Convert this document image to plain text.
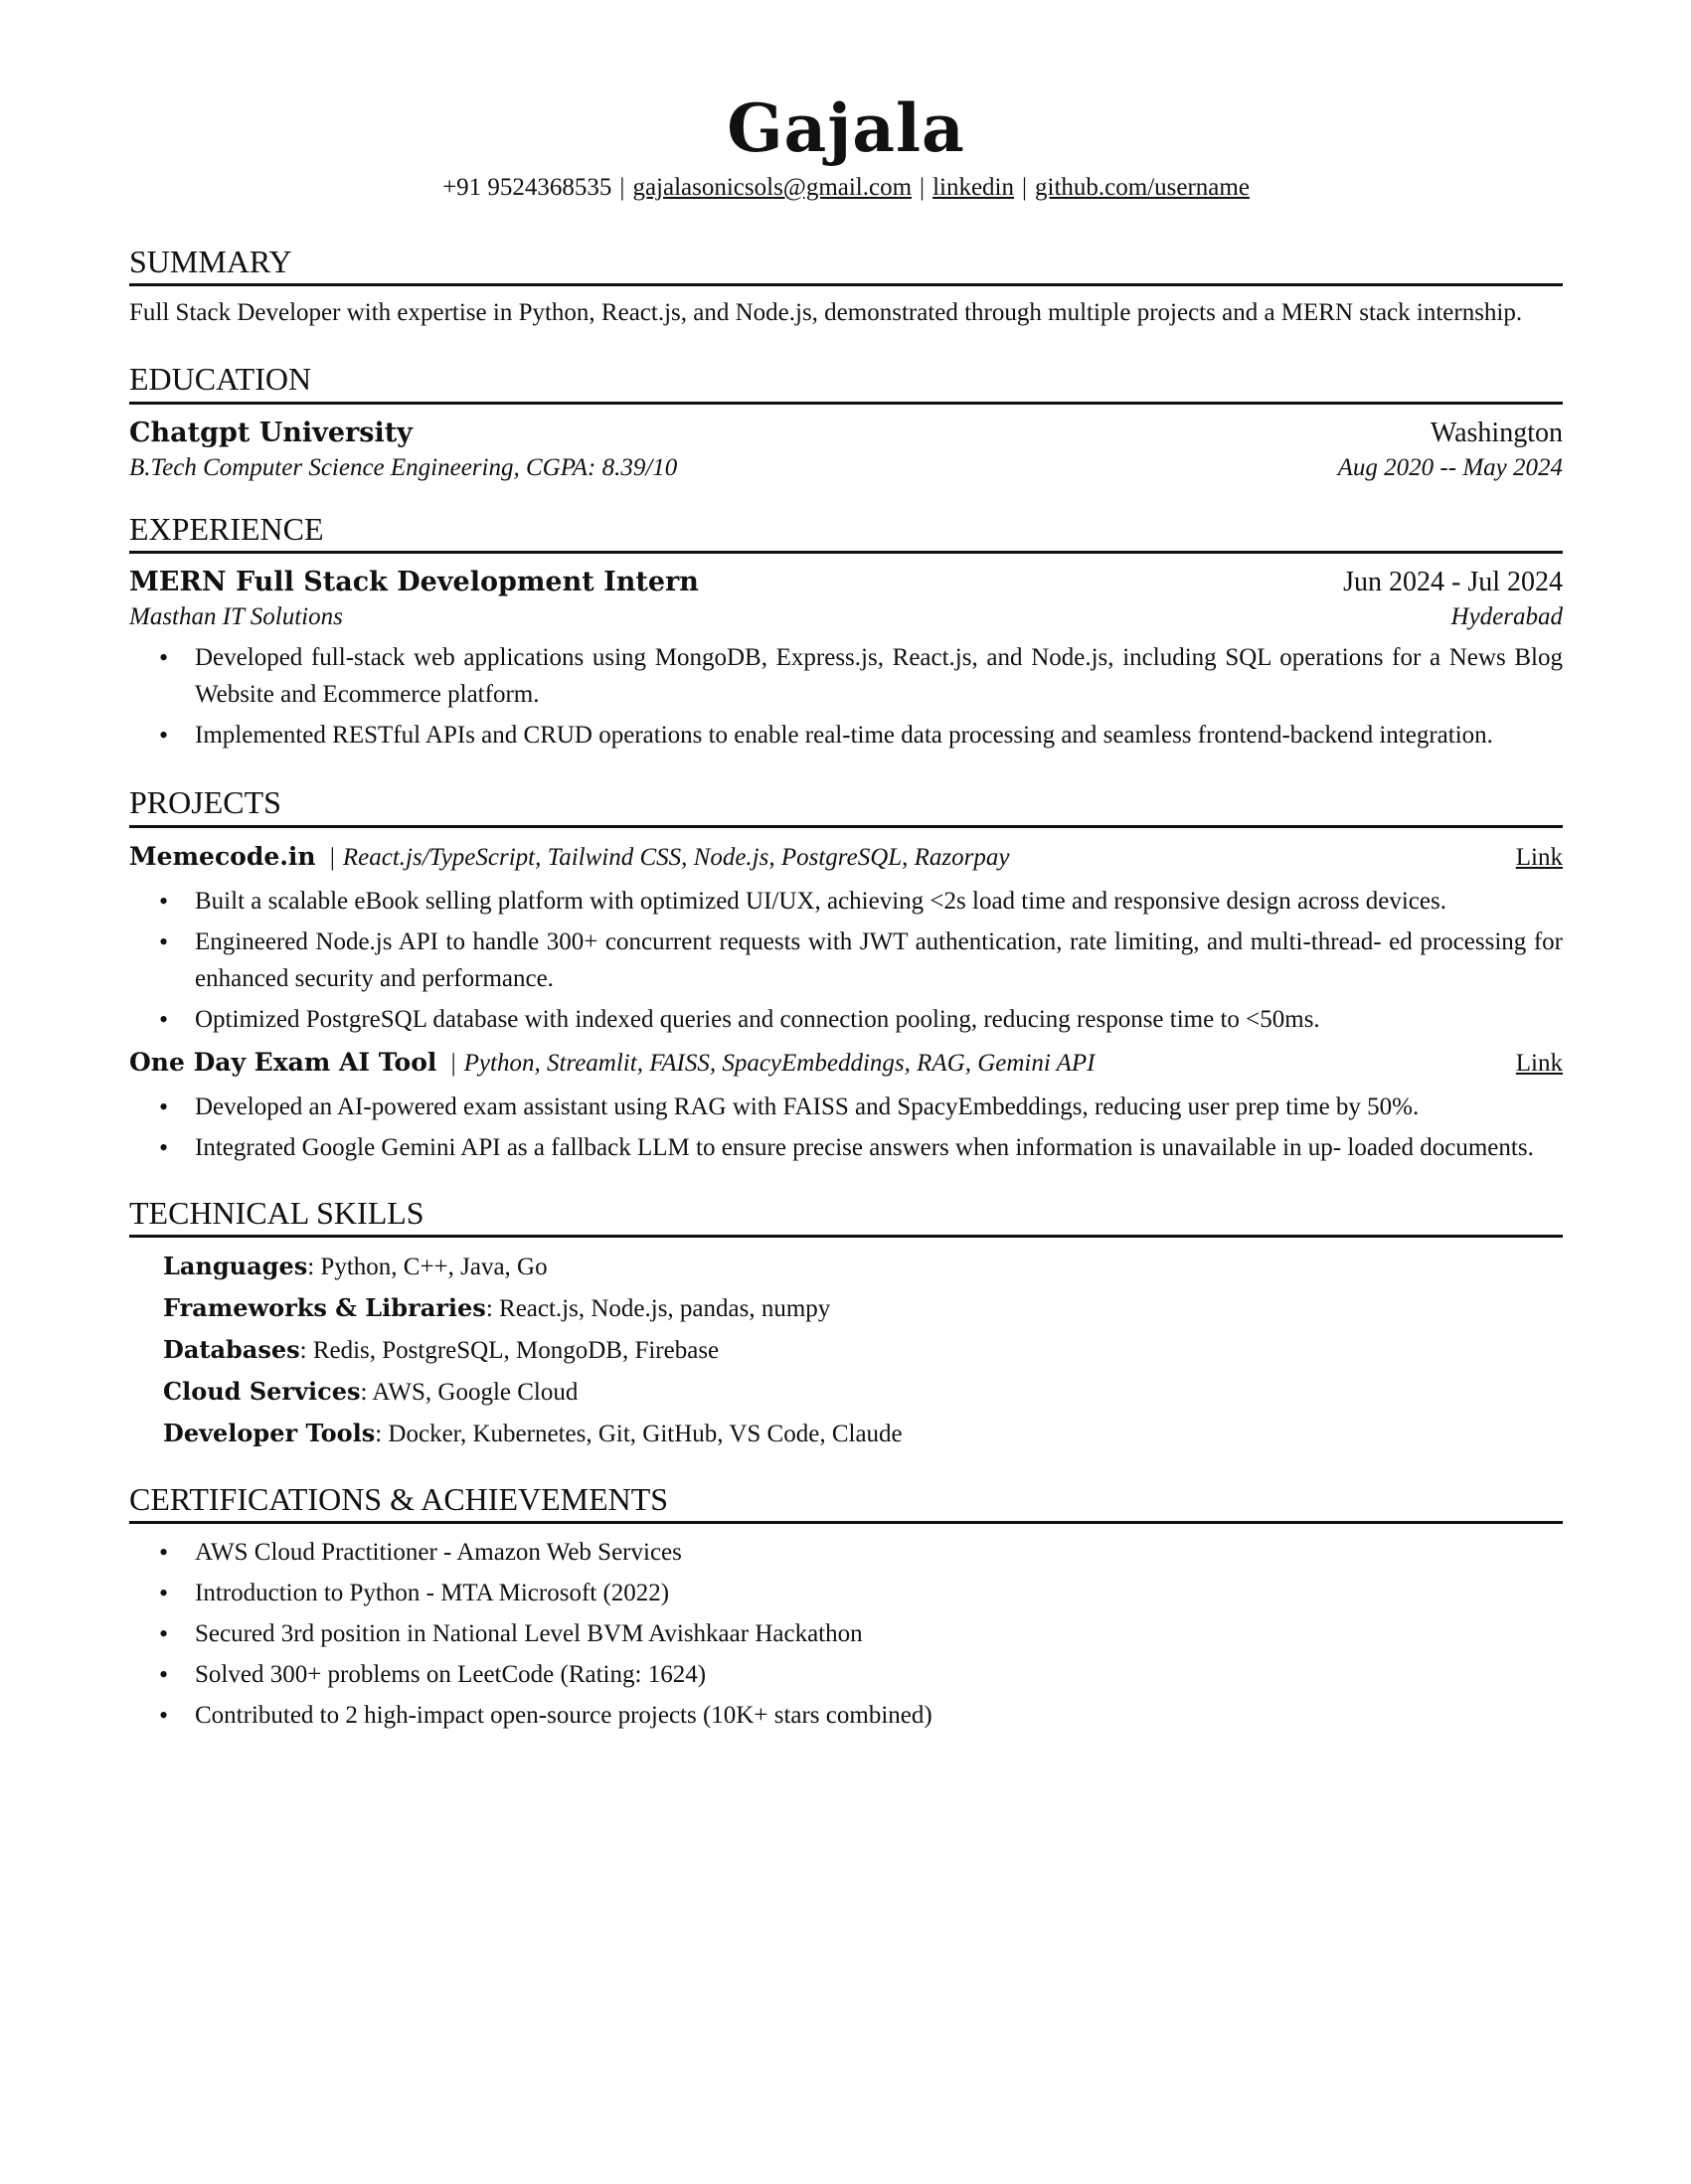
Gajala
+91 9524368535 | gajalasonicsols@gmail.com | linkedin | github.com/username
SUMMARY
Full Stack Developer with expertise in Python, React.js, and Node.js, demonstrated through multiple projects and a MERN stack internship.
EDUCATION
Chatgpt University	Washington
B.Tech Computer Science Engineering, CGPA: 8.39/10	Aug 2020 -- May 2024
EXPERIENCE
MERN Full Stack Development Intern	Jun 2024 - Jul 2024
Masthan IT Solutions	Hyderabad
• Developed full-stack web applications using MongoDB, Express.js, React.js, and Node.js, including SQL operations for a News Blog Website and Ecommerce platform.
• Implemented RESTful APIs and CRUD operations to enable real-time data processing and seamless frontend-backend integration.
PROJECTS
Memecode.in | React.js/TypeScript, Tailwind CSS, Node.js, PostgreSQL, Razorpay	Link
• Built a scalable eBook selling platform with optimized UI/UX, achieving <2s load time and responsive design across devices.
• Engineered Node.js API to handle 300+ concurrent requests with JWT authentication, rate limiting, and multi-thread- ed processing for enhanced security and performance.
• Optimized PostgreSQL database with indexed queries and connection pooling, reducing response time to <50ms.
One Day Exam AI Tool | Python, Streamlit, FAISS, SpacyEmbeddings, RAG, Gemini API	Link
• Developed an AI-powered exam assistant using RAG with FAISS and SpacyEmbeddings, reducing user prep time by 50%.
• Integrated Google Gemini API as a fallback LLM to ensure precise answers when information is unavailable in up- loaded documents.
TECHNICAL SKILLS
Languages: Python, C++, Java, Go
Frameworks & Libraries: React.js, Node.js, pandas, numpy
Databases: Redis, PostgreSQL, MongoDB, Firebase
Cloud Services: AWS, Google Cloud
Developer Tools: Docker, Kubernetes, Git, GitHub, VS Code, Claude
CERTIFICATIONS & ACHIEVEMENTS
• AWS Cloud Practitioner - Amazon Web Services
• Introduction to Python - MTA Microsoft (2022)
• Secured 3rd position in National Level BVM Avishkaar Hackathon
• Solved 300+ problems on LeetCode (Rating: 1624)
• Contributed to 2 high-impact open-source projects (10K+ stars combined)
